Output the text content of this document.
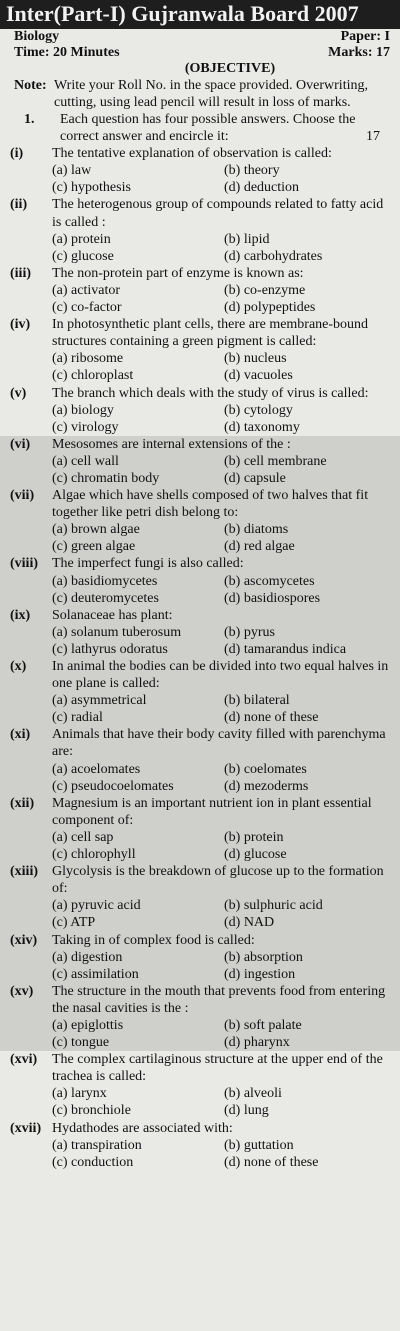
Inter(Part-I) Gujranwala Board 2007
Biology	Paper: I
Time: 20 Minutes	Marks: 17
(OBJECTIVE)
Note: Write your Roll No. in the space provided. Overwriting, cutting, using lead pencil will result in loss of marks.
1.	Each question has four possible answers. Choose the correct answer and encircle it:	17
(i)	The tentative explanation of observation is called:
(a) law	(b) theory
(c) hypothesis	(d) deduction
(ii)	The heterogenous group of compounds related to fatty acid is called :
(a) protein	(b) lipid
(c) glucose	(d) carbohydrates
(iii)	The non-protein part of enzyme is known as:
(a) activator	(b) co-enzyme
(c) co-factor	(d) polypeptides
(iv)	In photosynthetic plant cells, there are membrane-bound structures containing a green pigment is called:
(a) ribosome	(b) nucleus
(c) chloroplast	(d) vacuoles
(v)	The branch which deals with the study of virus is called:
(a) biology	(b) cytology
(c) virology	(d) taxonomy
(vi)	Mesosomes are internal extensions of the :
(a) cell wall	(b) cell membrane
(c) chromatin body	(d) capsule
(vii)	Algae which have shells composed of two halves that fit together like petri dish belong to:
(a) brown algae	(b) diatoms
(c) green algae	(d) red algae
(viii)	The imperfect fungi is also called:
(a) basidiomycetes	(b) ascomycetes
(c) deuteromycetes	(d) basidiospores
(ix)	Solanaceae has plant:
(a) solanum tuberosum	(b) pyrus
(c) lathyrus odoratus	(d) tamarandus indica
(x)	In animal the bodies can be divided into two equal halves in one plane is called:
(a) asymmetrical	(b) bilateral
(c) radial	(d) none of these
(xi)	Animals that have their body cavity filled with parenchyma are:
(a) acoelomates	(b) coelomates
(c) pseudocoelomates	(d) mezoderms
(xii)	Magnesium is an important nutrient ion in plant essential component of:
(a) cell sap	(b) protein
(c) chlorophyll	(d) glucose
(xiii)	Glycolysis is the breakdown of glucose up to the formation of:
(a) pyruvic acid	(b) sulphuric acid
(c) ATP	(d) NAD
(xiv)	Taking in of complex food is called:
(a) digestion	(b) absorption
(c) assimilation	(d) ingestion
(xv)	The structure in the mouth that prevents food from entering the nasal cavities is the :
(a) epiglottis	(b) soft palate
(c) tongue	(d) pharynx
(xvi)	The complex cartilaginous structure at the upper end of the trachea is called:
(a) larynx	(b) alveoli
(c) bronchiole	(d) lung
(xvii) Hydathodes are associated with:
(a) transpiration	(b) guttation
(c) conduction	(d) none of these
